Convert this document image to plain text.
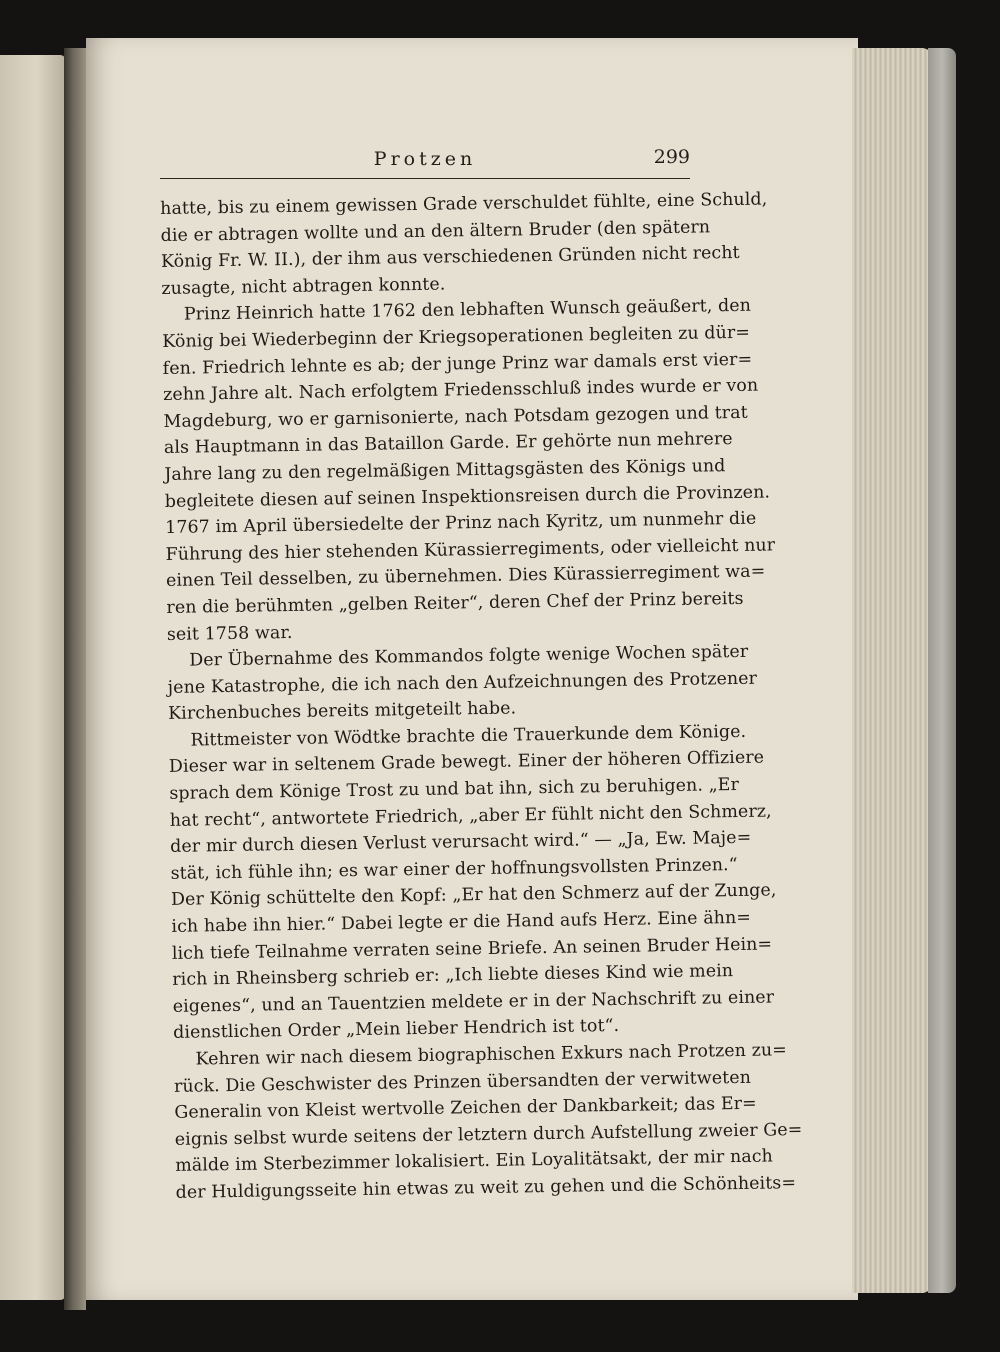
Protzen	299
hatte, bis zu einem gewissen Grade verschuldet fühlte, eine Schuld,
die er abtragen wollte und an den ältern Bruder (den spätern
König Fr. W. II.), der ihm aus verschiedenen Gründen nicht recht
zusagte, nicht abtragen konnte.
Prinz Heinrich hatte 1762 den lebhaften Wunsch geäußert, den
König bei Wiederbeginn der Kriegsoperationen begleiten zu dür=
fen. Friedrich lehnte es ab; der junge Prinz war damals erst vier=
zehn Jahre alt. Nach erfolgtem Friedensschluß indes wurde er von
Magdeburg, wo er garnisonierte, nach Potsdam gezogen und trat
als Hauptmann in das Bataillon Garde. Er gehörte nun mehrere
Jahre lang zu den regelmäßigen Mittagsgästen des Königs und
begleitete diesen auf seinen Inspektionsreisen durch die Provinzen.
1767 im April übersiedelte der Prinz nach Kyritz, um nunmehr die
Führung des hier stehenden Kürassierregiments, oder vielleicht nur
einen Teil desselben, zu übernehmen. Dies Kürassierregiment wa=
ren die berühmten „gelben Reiter“, deren Chef der Prinz bereits
seit 1758 war.
Der Übernahme des Kommandos folgte wenige Wochen später
jene Katastrophe, die ich nach den Aufzeichnungen des Protzener
Kirchenbuches bereits mitgeteilt habe.
Rittmeister von Wödtke brachte die Trauerkunde dem Könige.
Dieser war in seltenem Grade bewegt. Einer der höheren Offiziere
sprach dem Könige Trost zu und bat ihn, sich zu beruhigen. „Er
hat recht“, antwortete Friedrich, „aber Er fühlt nicht den Schmerz,
der mir durch diesen Verlust verursacht wird.“ — „Ja, Ew. Maje=
stät, ich fühle ihn; es war einer der hoffnungsvollsten Prinzen.“
Der König schüttelte den Kopf: „Er hat den Schmerz auf der Zunge,
ich habe ihn hier.“ Dabei legte er die Hand aufs Herz. Eine ähn=
lich tiefe Teilnahme verraten seine Briefe. An seinen Bruder Hein=
rich in Rheinsberg schrieb er: „Ich liebte dieses Kind wie mein
eigenes“, und an Tauentzien meldete er in der Nachschrift zu einer
dienstlichen Order „Mein lieber Hendrich ist tot“.
Kehren wir nach diesem biographischen Exkurs nach Protzen zu=
rück. Die Geschwister des Prinzen übersandten der verwitweten
Generalin von Kleist wertvolle Zeichen der Dankbarkeit; das Er=
eignis selbst wurde seitens der letztern durch Aufstellung zweier Ge=
mälde im Sterbezimmer lokalisiert. Ein Loyalitätsakt, der mir nach
der Huldigungsseite hin etwas zu weit zu gehen und die Schönheits=
